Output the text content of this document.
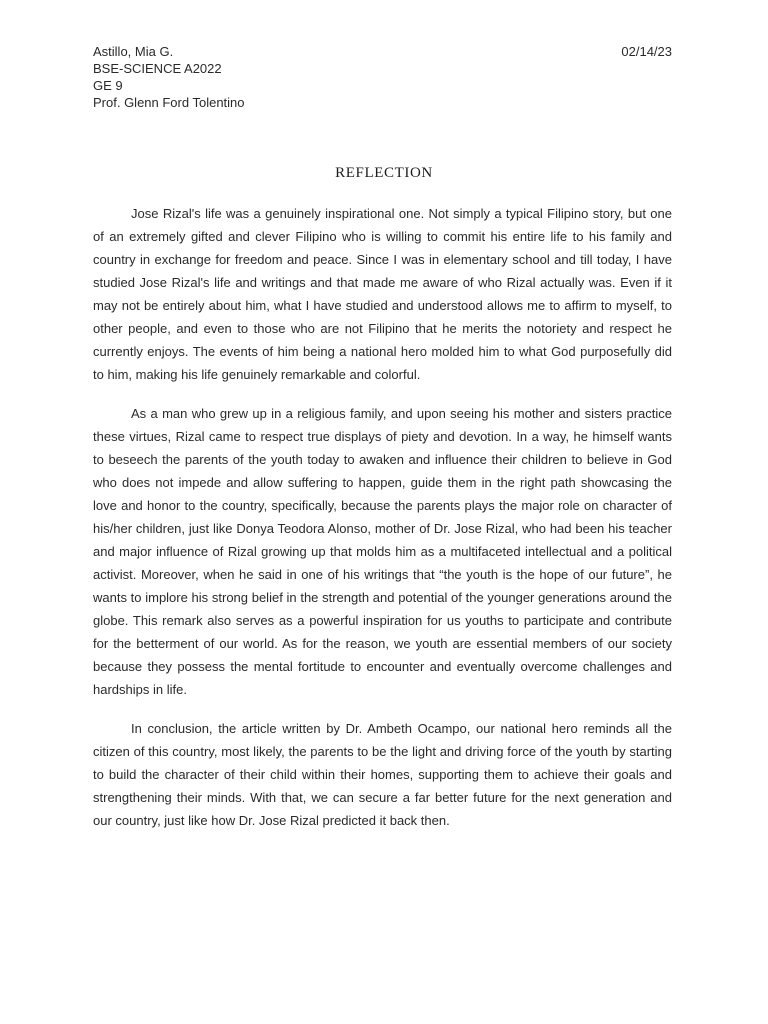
Astillo, Mia G.	02/14/23
BSE-SCIENCE A2022
GE 9
Prof. Glenn Ford Tolentino
REFLECTION

Jose Rizal's life was a genuinely inspirational one. Not simply a typical Filipino story, but one of an extremely gifted and clever Filipino who is willing to commit his entire life to his family and country in exchange for freedom and peace. Since I was in elementary school and till today, I have studied Jose Rizal's life and writings and that made me aware of who Rizal actually was. Even if it may not be entirely about him, what I have studied and understood allows me to affirm to myself, to other people, and even to those who are not Filipino that he merits the notoriety and respect he currently enjoys. The events of him being a national hero molded him to what God purposefully did to him, making his life genuinely remarkable and colorful.

As a man who grew up in a religious family, and upon seeing his mother and sisters practice these virtues, Rizal came to respect true displays of piety and devotion. In a way, he himself wants to beseech the parents of the youth today to awaken and influence their children to believe in God who does not impede and allow suffering to happen, guide them in the right path showcasing the love and honor to the country, specifically, because the parents plays the major role on character of his/her children, just like Donya Teodora Alonso, mother of Dr. Jose Rizal, who had been his teacher and major influence of Rizal growing up that molds him as a multifaceted intellectual and a political activist. Moreover, when he said in one of his writings that “the youth is the hope of our future”, he wants to implore his strong belief in the strength and potential of the younger generations around the globe. This remark also serves as a powerful inspiration for us youths to participate and contribute for the betterment of our world. As for the reason, we youth are essential members of our society because they possess the mental fortitude to encounter and eventually overcome challenges and hardships in life.

In conclusion, the article written by Dr. Ambeth Ocampo, our national hero reminds all the citizen of this country, most likely, the parents to be the light and driving force of the youth by starting to build the character of their child within their homes, supporting them to achieve their goals and strengthening their minds. With that, we can secure a far better future for the next generation and our country, just like how Dr. Jose Rizal predicted it back then.
